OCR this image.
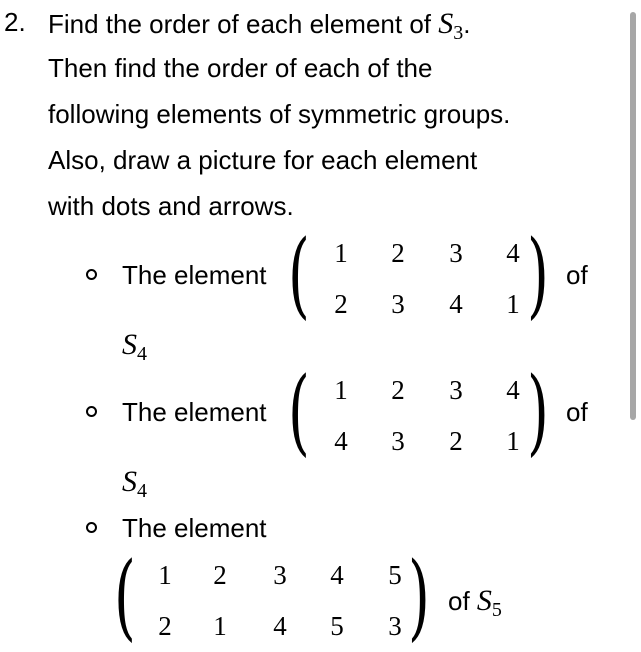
2. Find the order of each element of $S_3$.
Then find the order of each of the
following elements of symmetric groups.
Also, draw a picture for each element
with dots and arrows.
The element ( 1 2 3 4
2 3 4 1 ) of
$S_4$
The element ( 1 2 3 4
4 3 2 1 ) of
$S_4$
The element
( 1 2 3 4 5
2 1 4 5 3 ) of $S_5$
